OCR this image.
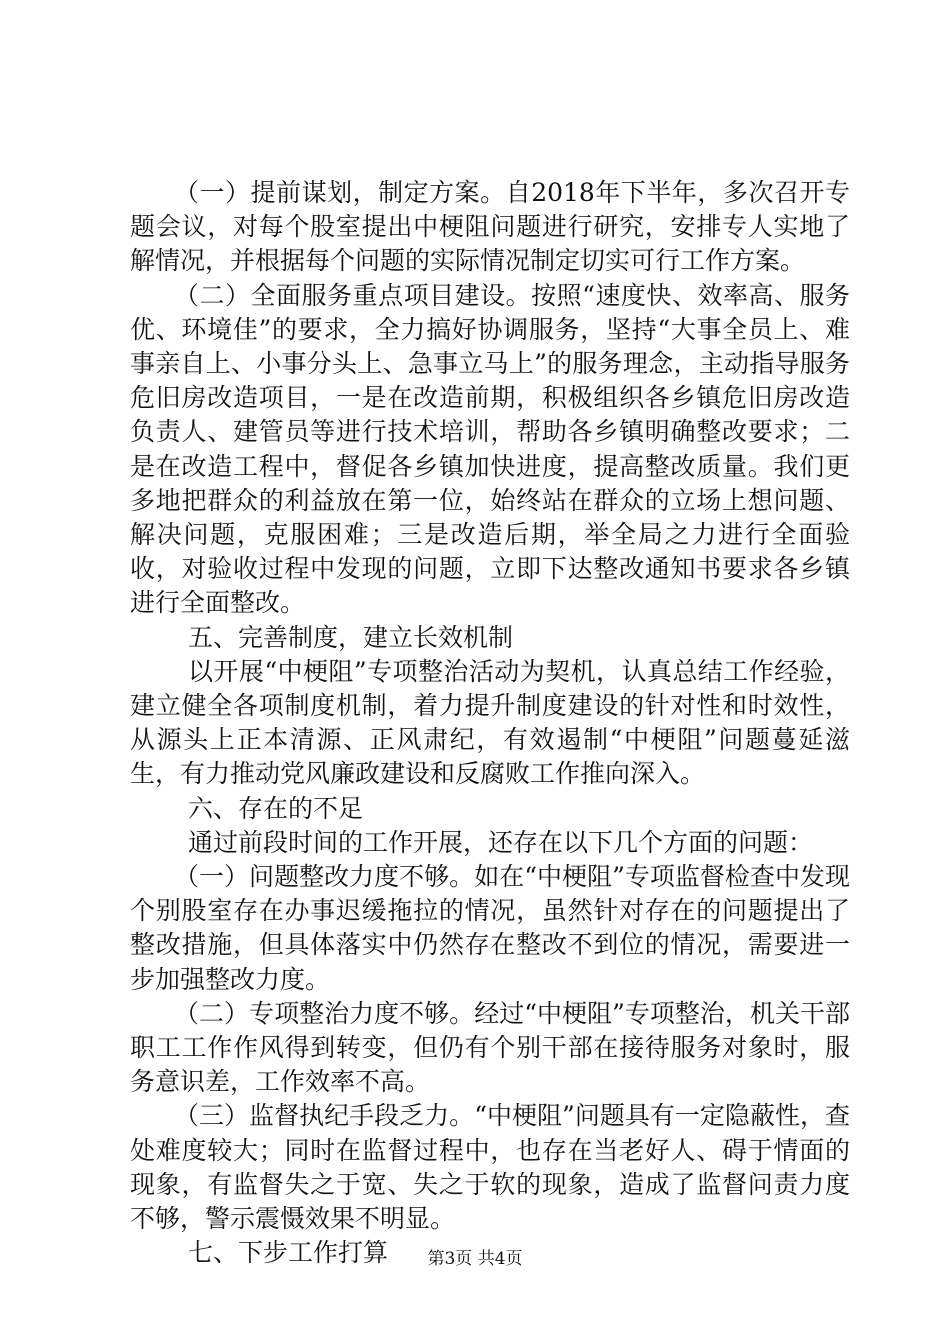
（一）提前谋划，制定方案。自2018年下半年，多次召开专题会议，对每个股室提出中梗阻问题进行研究，安排专人实地了解情况，并根据每个问题的实际情况制定切实可行工作方案。

（二）全面服务重点项目建设。按照“速度快、效率高、服务优、环境佳”的要求，全力搞好协调服务，坚持“大事全员上、难事亲自上、小事分头上、急事立马上”的服务理念，主动指导服务危旧房改造项目，一是在改造前期，积极组织各乡镇危旧房改造负责人、建管员等进行技术培训，帮助各乡镇明确整改要求；二是在改造工程中，督促各乡镇加快进度，提高整改质量。我们更多地把群众的利益放在第一位，始终站在群众的立场上想问题、解决问题，克服困难；三是改造后期，举全局之力进行全面验收，对验收过程中发现的问题，立即下达整改通知书要求各乡镇进行全面整改。

五、完善制度，建立长效机制

以开展“中梗阻”专项整治活动为契机，认真总结工作经验，建立健全各项制度机制，着力提升制度建设的针对性和时效性，从源头上正本清源、正风肃纪，有效遏制“中梗阻”问题蔓延滋生，有力推动党风廉政建设和反腐败工作推向深入。

六、存在的不足

通过前段时间的工作开展，还存在以下几个方面的问题：

（一）问题整改力度不够。如在“中梗阻”专项监督检查中发现个别股室存在办事迟缓拖拉的情况，虽然针对存在的问题提出了整改措施，但具体落实中仍然存在整改不到位的情况，需要进一步加强整改力度。

（二）专项整治力度不够。经过“中梗阻”专项整治，机关干部职工工作作风得到转变，但仍有个别干部在接待服务对象时，服务意识差，工作效率不高。

（三）监督执纪手段乏力。“中梗阻”问题具有一定隐蔽性，查处难度较大；同时在监督过程中，也存在当老好人、碍于情面的现象，有监督失之于宽、失之于软的现象，造成了监督问责力度不够，警示震慑效果不明显。

七、下步工作打算	第3页 共4页
